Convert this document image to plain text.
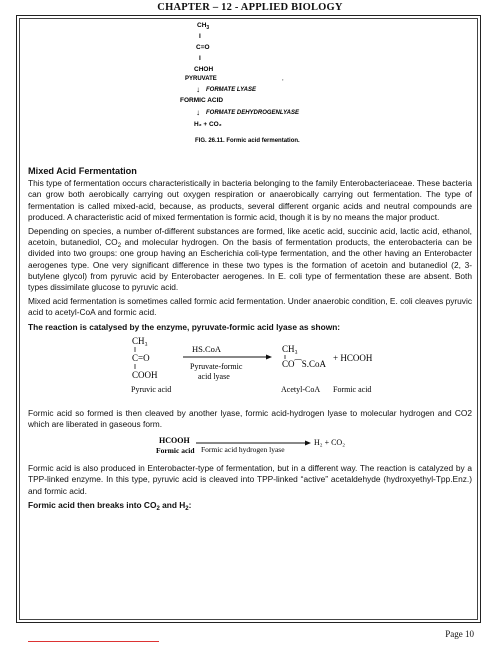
CHAPTER – 12 - APPLIED BIOLOGY
$CH_3$
I
C=O
I
CHOH
PYRUVATE
↓ FORMATE LYASE
FORMIC ACID
↓ FORMATE DEHYDROGENLYASE
H₂ + CO₂
FIG. 26.11. Formic acid fermentation.
,

Mixed Acid Fermentation

This type of fermentation occurs characteristically in bacteria belonging to the family Enterobacteriaceae. These bacteria can grow both aerobically carrying out oxygen respiration or anaerobically carrying out fermentation. The type of fermentation is called mixed-acid, because, as products, several different organic acids and neutral compounds are produced. A characteristic acid of mixed fermentation is formic acid, though it is by no means the major product.

Depending on species, a number of-different substances are formed, like acetic acid, succinic acid, lactic acid, ethanol, acetoin, butanediol, $CO_2$ and molecular hydrogen. On the basis of fermentation products, the enterobacteria can be divided into two groups: one group having an Escherichia coli-type fermentation, and the other having an Enterobacter aerogenes type. One very significant difference in these two types is the formation of acetoin and butanediol (2, 3-butylene glycol) from pyruvic acid by Enterobacter aerogenes. In E. coli type of fermentation these are absent. Both types dissimilate glucose to pyruvic acid.

Mixed acid fermentation is sometimes called formic acid fermentation. Under anaerobic condition, E. coli cleaves pyruvic acid to acetyl-CoA and formic acid.

The reaction is catalysed by the enzyme, pyruvate-formic acid lyase as shown:

CH₃
C=O
COOH
Pyruvic acid
HS.CoA
Pyruvate-formic
acid lyase
CH₃
CO⁀S.CoA
+ HCOOH
Acetyl-CoA Formic acid

Formic acid so formed is then cleaved by another lyase, formic acid-hydrogen lyase to molecular hydrogen and CO2 which are liberated in gaseous form.

HCOOH
Formic acid Formic acid hydrogen lyase
H₂ + CO₂

Formic acid is also produced in Enterobacter-type of fermentation, but in a different way. The reaction is catalyzed by a TPP-linked enzyme. In this type, pyruvic acid is cleaved into TPP-linked “active” acetaldehyde (hydroxyethyl-Tpp.Enz.) and formic acid.

Formic acid then breaks into $CO_2$ and $H_2$:

Page 10
